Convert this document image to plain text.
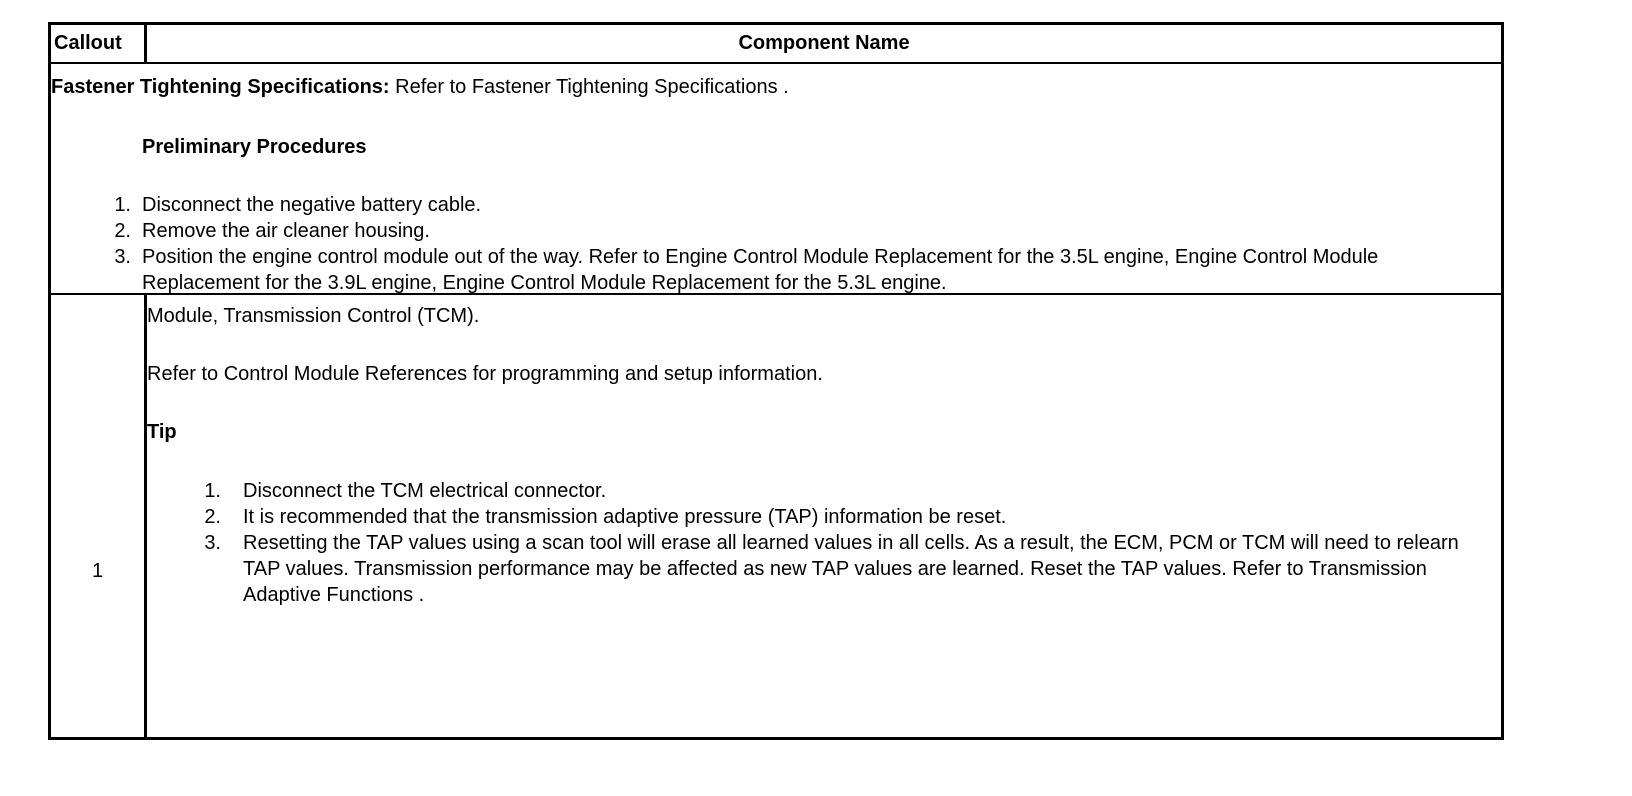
Callout	Component Name
Fastener Tightening Specifications: Refer to Fastener Tightening Specifications .
Preliminary Procedures
1. Disconnect the negative battery cable.
2. Remove the air cleaner housing.
3. Position the engine control module out of the way. Refer to Engine Control Module Replacement for the 3.5L engine, Engine Control Module Replacement for the 3.9L engine, Engine Control Module Replacement for the 5.3L engine.
1
Module, Transmission Control (TCM).
Refer to Control Module References for programming and setup information.
Tip
1. Disconnect the TCM electrical connector.
2. It is recommended that the transmission adaptive pressure (TAP) information be reset.
3. Resetting the TAP values using a scan tool will erase all learned values in all cells. As a result, the ECM, PCM or TCM will need to relearn TAP values. Transmission performance may be affected as new TAP values are learned. Reset the TAP values. Refer to Transmission Adaptive Functions .
